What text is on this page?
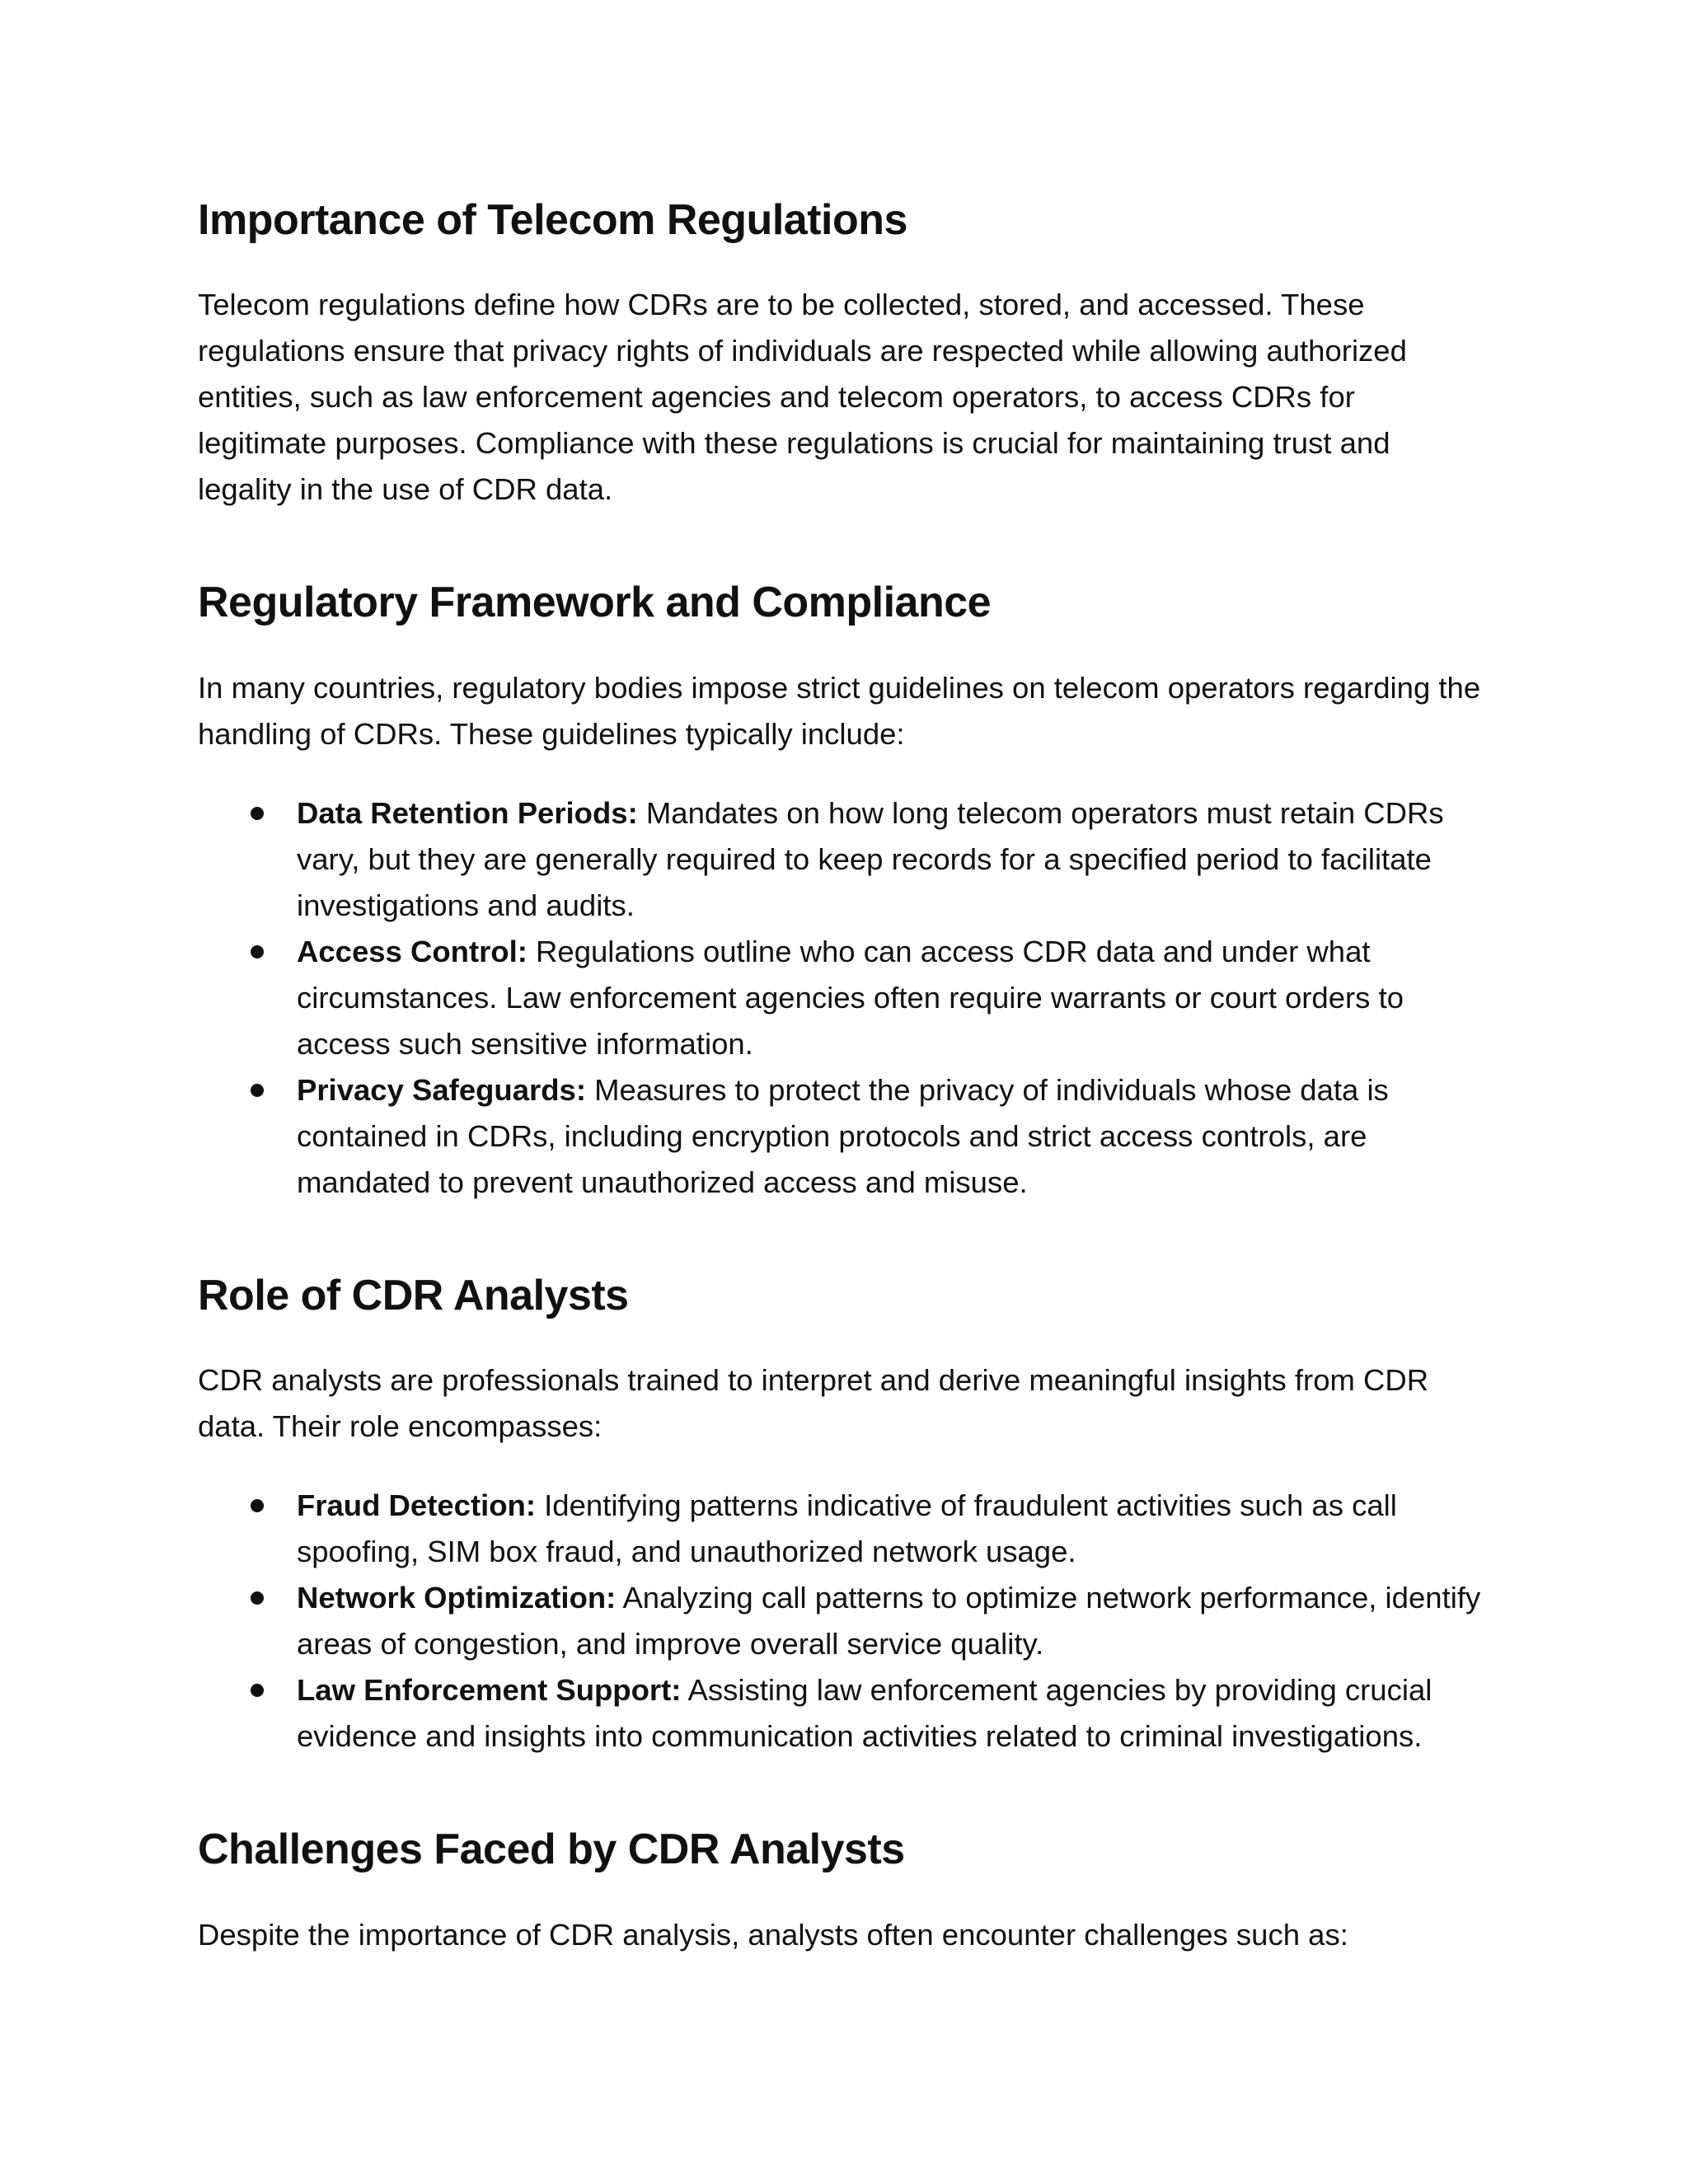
Importance of Telecom Regulations

Telecom regulations define how CDRs are to be collected, stored, and accessed. These regulations ensure that privacy rights of individuals are respected while allowing authorized entities, such as law enforcement agencies and telecom operators, to access CDRs for legitimate purposes. Compliance with these regulations is crucial for maintaining trust and legality in the use of CDR data.

Regulatory Framework and Compliance

In many countries, regulatory bodies impose strict guidelines on telecom operators regarding the handling of CDRs. These guidelines typically include:

Data Retention Periods: Mandates on how long telecom operators must retain CDRs vary, but they are generally required to keep records for a specified period to facilitate investigations and audits.
Access Control: Regulations outline who can access CDR data and under what circumstances. Law enforcement agencies often require warrants or court orders to access such sensitive information.
Privacy Safeguards: Measures to protect the privacy of individuals whose data is contained in CDRs, including encryption protocols and strict access controls, are mandated to prevent unauthorized access and misuse.
Role of CDR Analysts

CDR analysts are professionals trained to interpret and derive meaningful insights from CDR data. Their role encompasses:

Fraud Detection: Identifying patterns indicative of fraudulent activities such as call spoofing, SIM box fraud, and unauthorized network usage.
Network Optimization: Analyzing call patterns to optimize network performance, identify areas of congestion, and improve overall service quality.
Law Enforcement Support: Assisting law enforcement agencies by providing crucial evidence and insights into communication activities related to criminal investigations.
Challenges Faced by CDR Analysts

Despite the importance of CDR analysis, analysts often encounter challenges such as:
